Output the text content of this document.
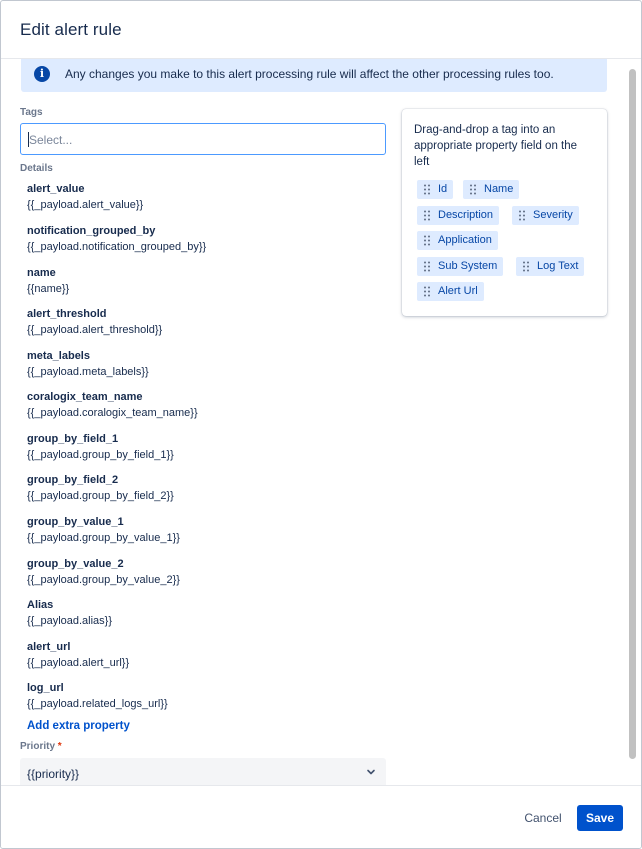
Edit alert rule
i	Any changes you make to this alert processing rule will affect the other processing rules too.
Tags
Select...
Details
alert_value
{{_payload.alert_value}}
notification_grouped_by
{{_payload.notification_grouped_by}}
name
{{name}}
alert_threshold
{{_payload.alert_threshold}}
meta_labels
{{_payload.meta_labels}}
coralogix_team_name
{{_payload.coralogix_team_name}}
group_by_field_1
{{_payload.group_by_field_1}}
group_by_field_2
{{_payload.group_by_field_2}}
group_by_value_1
{{_payload.group_by_value_1}}
group_by_value_2
{{_payload.group_by_value_2}}
Alias
{{_payload.alias}}
alert_url
{{_payload.alert_url}}
log_url
{{_payload.related_logs_url}}
Add extra property
Priority *
{{priority}}
Drag-and-drop a tag into an appropriate property field on the left
Id	Name
Description	Severity
Application
Sub System	Log Text
Alert Url
Cancel	Save
